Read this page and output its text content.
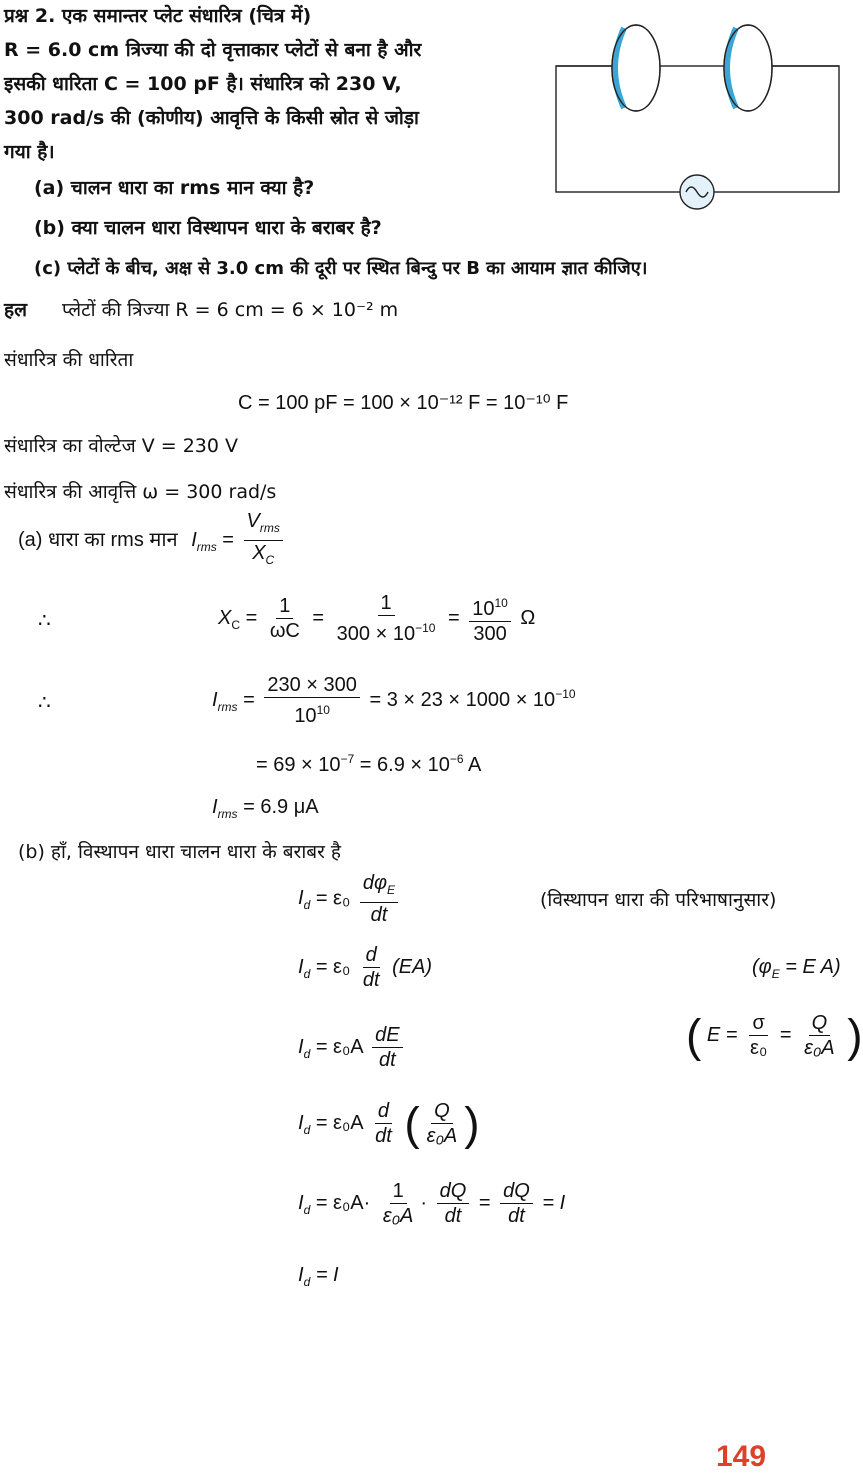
प्रश्न 2. एक समान्तर प्लेट संधारित्र (चित्र में)
R = 6.0 cm त्रिज्या की दो वृत्ताकार प्लेटों से बना है और
इसकी धारिता C = 100 pF है। संधारित्र को 230 V,
300 rad/s की (कोणीय) आवृत्ति के किसी स्रोत से जोड़ा
गया है।
(a) चालन धारा का rms मान क्या है?
(b) क्या चालन धारा विस्थापन धारा के बराबर है?
(c) प्लेटों के बीच, अक्ष से 3.0 cm की दूरी पर स्थित बिन्दु पर B का आयाम ज्ञात कीजिए।
हल प्लेटों की त्रिज्या R = 6 cm = 6 × 10⁻² m
संधारित्र की धारिता
C = 100 pF = 100 × 10⁻¹² F = 10⁻¹⁰ F
संधारित्र का वोल्टेज V = 230 V
संधारित्र की आवृत्ति ω = 300 rad/s
(a) धारा का rms मान $I_{rms} = \frac{V_{rms}}{X_C}$
∴	$X_C = \frac{1}{\omega C} = \frac{1}{300 \times 10^{-10}} = \frac{10^{10}}{300}$ Ω
∴	$I_{rms} = \frac{230 \times 300}{10^{10}} = 3 \times 23 \times 1000 \times 10^{-10}$
= $69 \times 10^{-7} = 6.9 \times 10^{-6}$ A
$I_{rms} = 6.9$ μA
(b) हाँ, विस्थापन धारा चालन धारा के बराबर है
$I_d = \varepsilon_0 \frac{d\varphi_E}{dt}$	(विस्थापन धारा की परिभाषानुसार)
$I_d = \varepsilon_0 \frac{d}{dt} (EA)$	($\varphi_E = E$ A)
$I_d = \varepsilon_0A \frac{dE}{dt}$	( $E = \frac{\sigma}{\text{ε₀}} = \frac{Q}{\text{ε₀A}}$ )
$I_d = \varepsilon_0A \frac{d}{dt}$ ( $\frac{Q}{\text{ε₀A}}$ )
$I_d = \varepsilon_0A\cdot \frac{1}{\text{ε₀A}} \cdot \frac{dQ}{dt} = \frac{dQ}{dt} = I$
$I_d = I$
149
